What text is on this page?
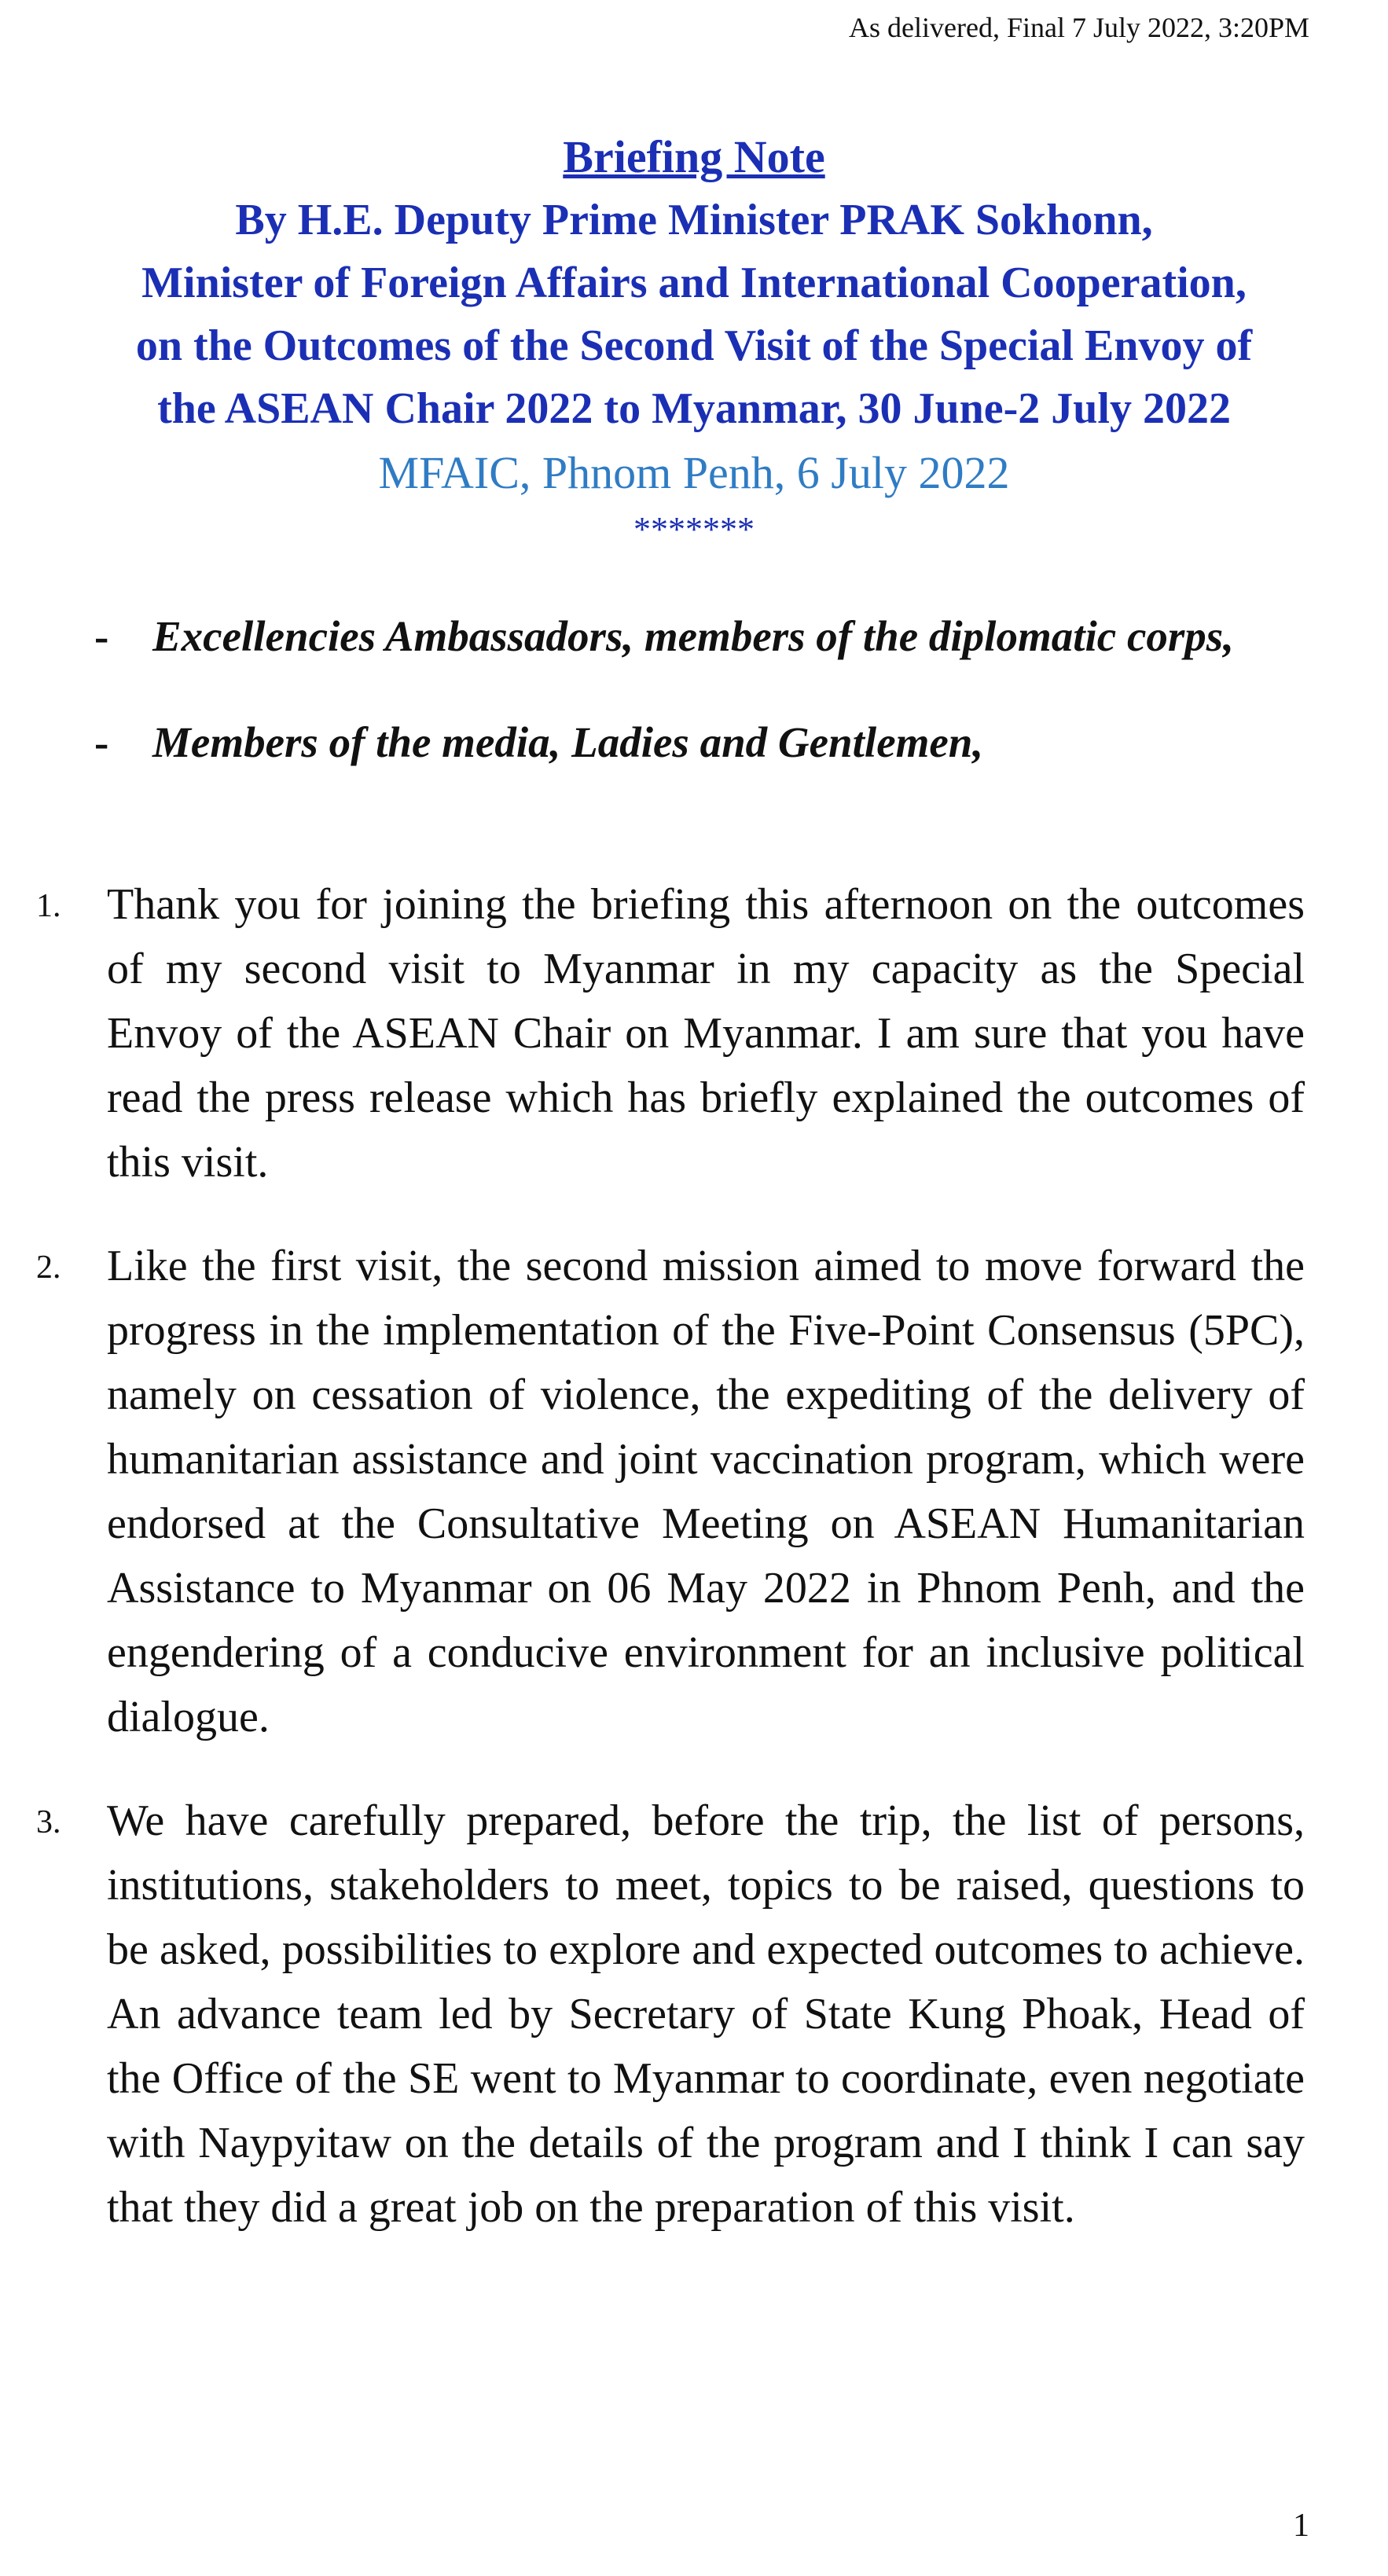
As delivered, Final 7 July 2022, 3:20PM
Briefing Note
By H.E. Deputy Prime Minister PRAK Sokhonn,
Minister of Foreign Affairs and International Cooperation,
on the Outcomes of the Second Visit of the Special Envoy of
the ASEAN Chair 2022 to Myanmar, 30 June-2 July 2022
MFAIC, Phnom Penh, 6 July 2022
*******
- Excellencies Ambassadors, members of the diplomatic corps,
- Members of the media, Ladies and Gentlemen,
1. Thank you for joining the briefing this afternoon on the outcomes of my second visit to Myanmar in my capacity as the Special Envoy of the ASEAN Chair on Myanmar. I am sure that you have read the press release which has briefly explained the outcomes of this visit.
2. Like the first visit, the second mission aimed to move forward the progress in the implementation of the Five-Point Consensus (5PC), namely on cessation of violence, the expediting of the delivery of humanitarian assistance and joint vaccination program, which were endorsed at the Consultative Meeting on ASEAN Humanitarian Assistance to Myanmar on 06 May 2022 in Phnom Penh, and the engendering of a conducive environment for an inclusive political dialogue.
3. We have carefully prepared, before the trip, the list of persons, institutions, stakeholders to meet, topics to be raised, questions to be asked, possibilities to explore and expected outcomes to achieve. An advance team led by Secretary of State Kung Phoak, Head of the Office of the SE went to Myanmar to coordinate, even negotiate with Naypyitaw on the details of the program and I think I can say that they did a great job on the preparation of this visit.
1
